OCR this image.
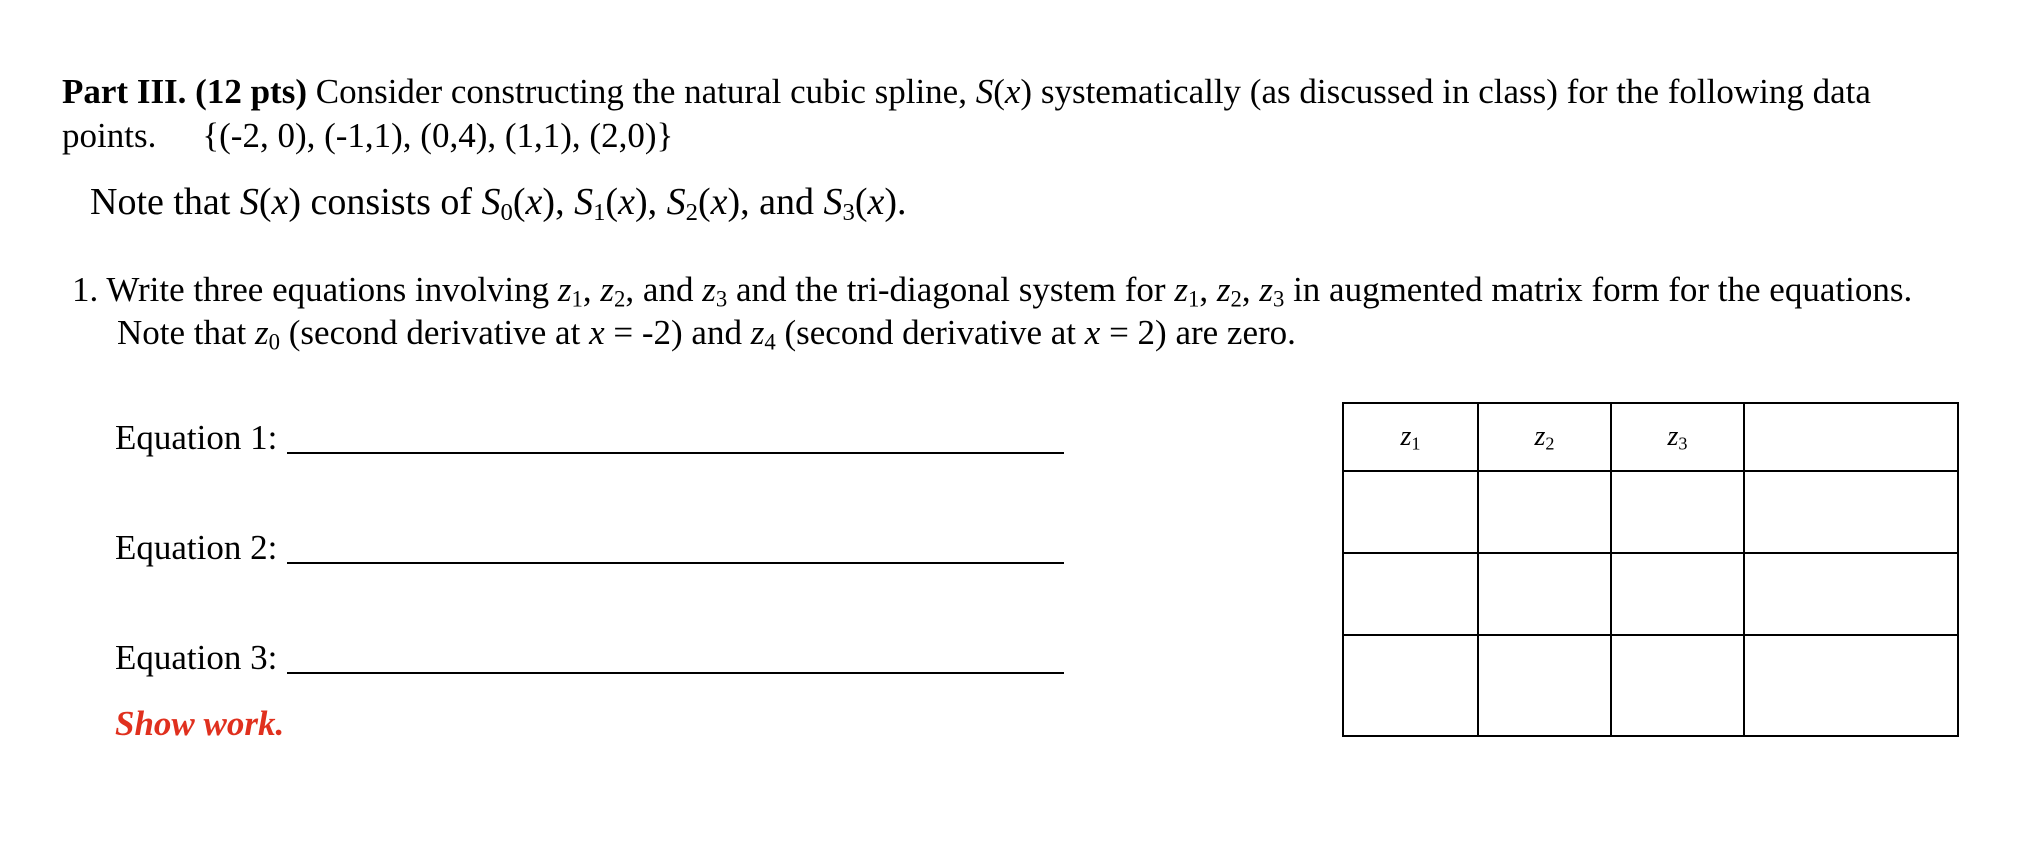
Part III. (12 pts) Consider constructing the natural cubic spline, S(x) systematically (as discussed in class) for the following data
points. {(-2, 0), (-1,1), (0,4), (1,1), (2,0)}
Note that S(x) consists of $S_0(x)$, $S_1(x)$, $S_2(x)$, and $S_3(x)$.
1. Write three equations involving $z_1$, $z_2$, and $z_3$ and the tri-diagonal system for $z_1$, $z_2$, $z_3$ in augmented matrix form for the equations.
Note that $z_0$ (second derivative at x = -2) and $z_4$ (second derivative at x = 2) are zero.
Equation 1:
Equation 2:
Equation 3:
Show work.
$z_1$	$z_2$	$z_3$	
